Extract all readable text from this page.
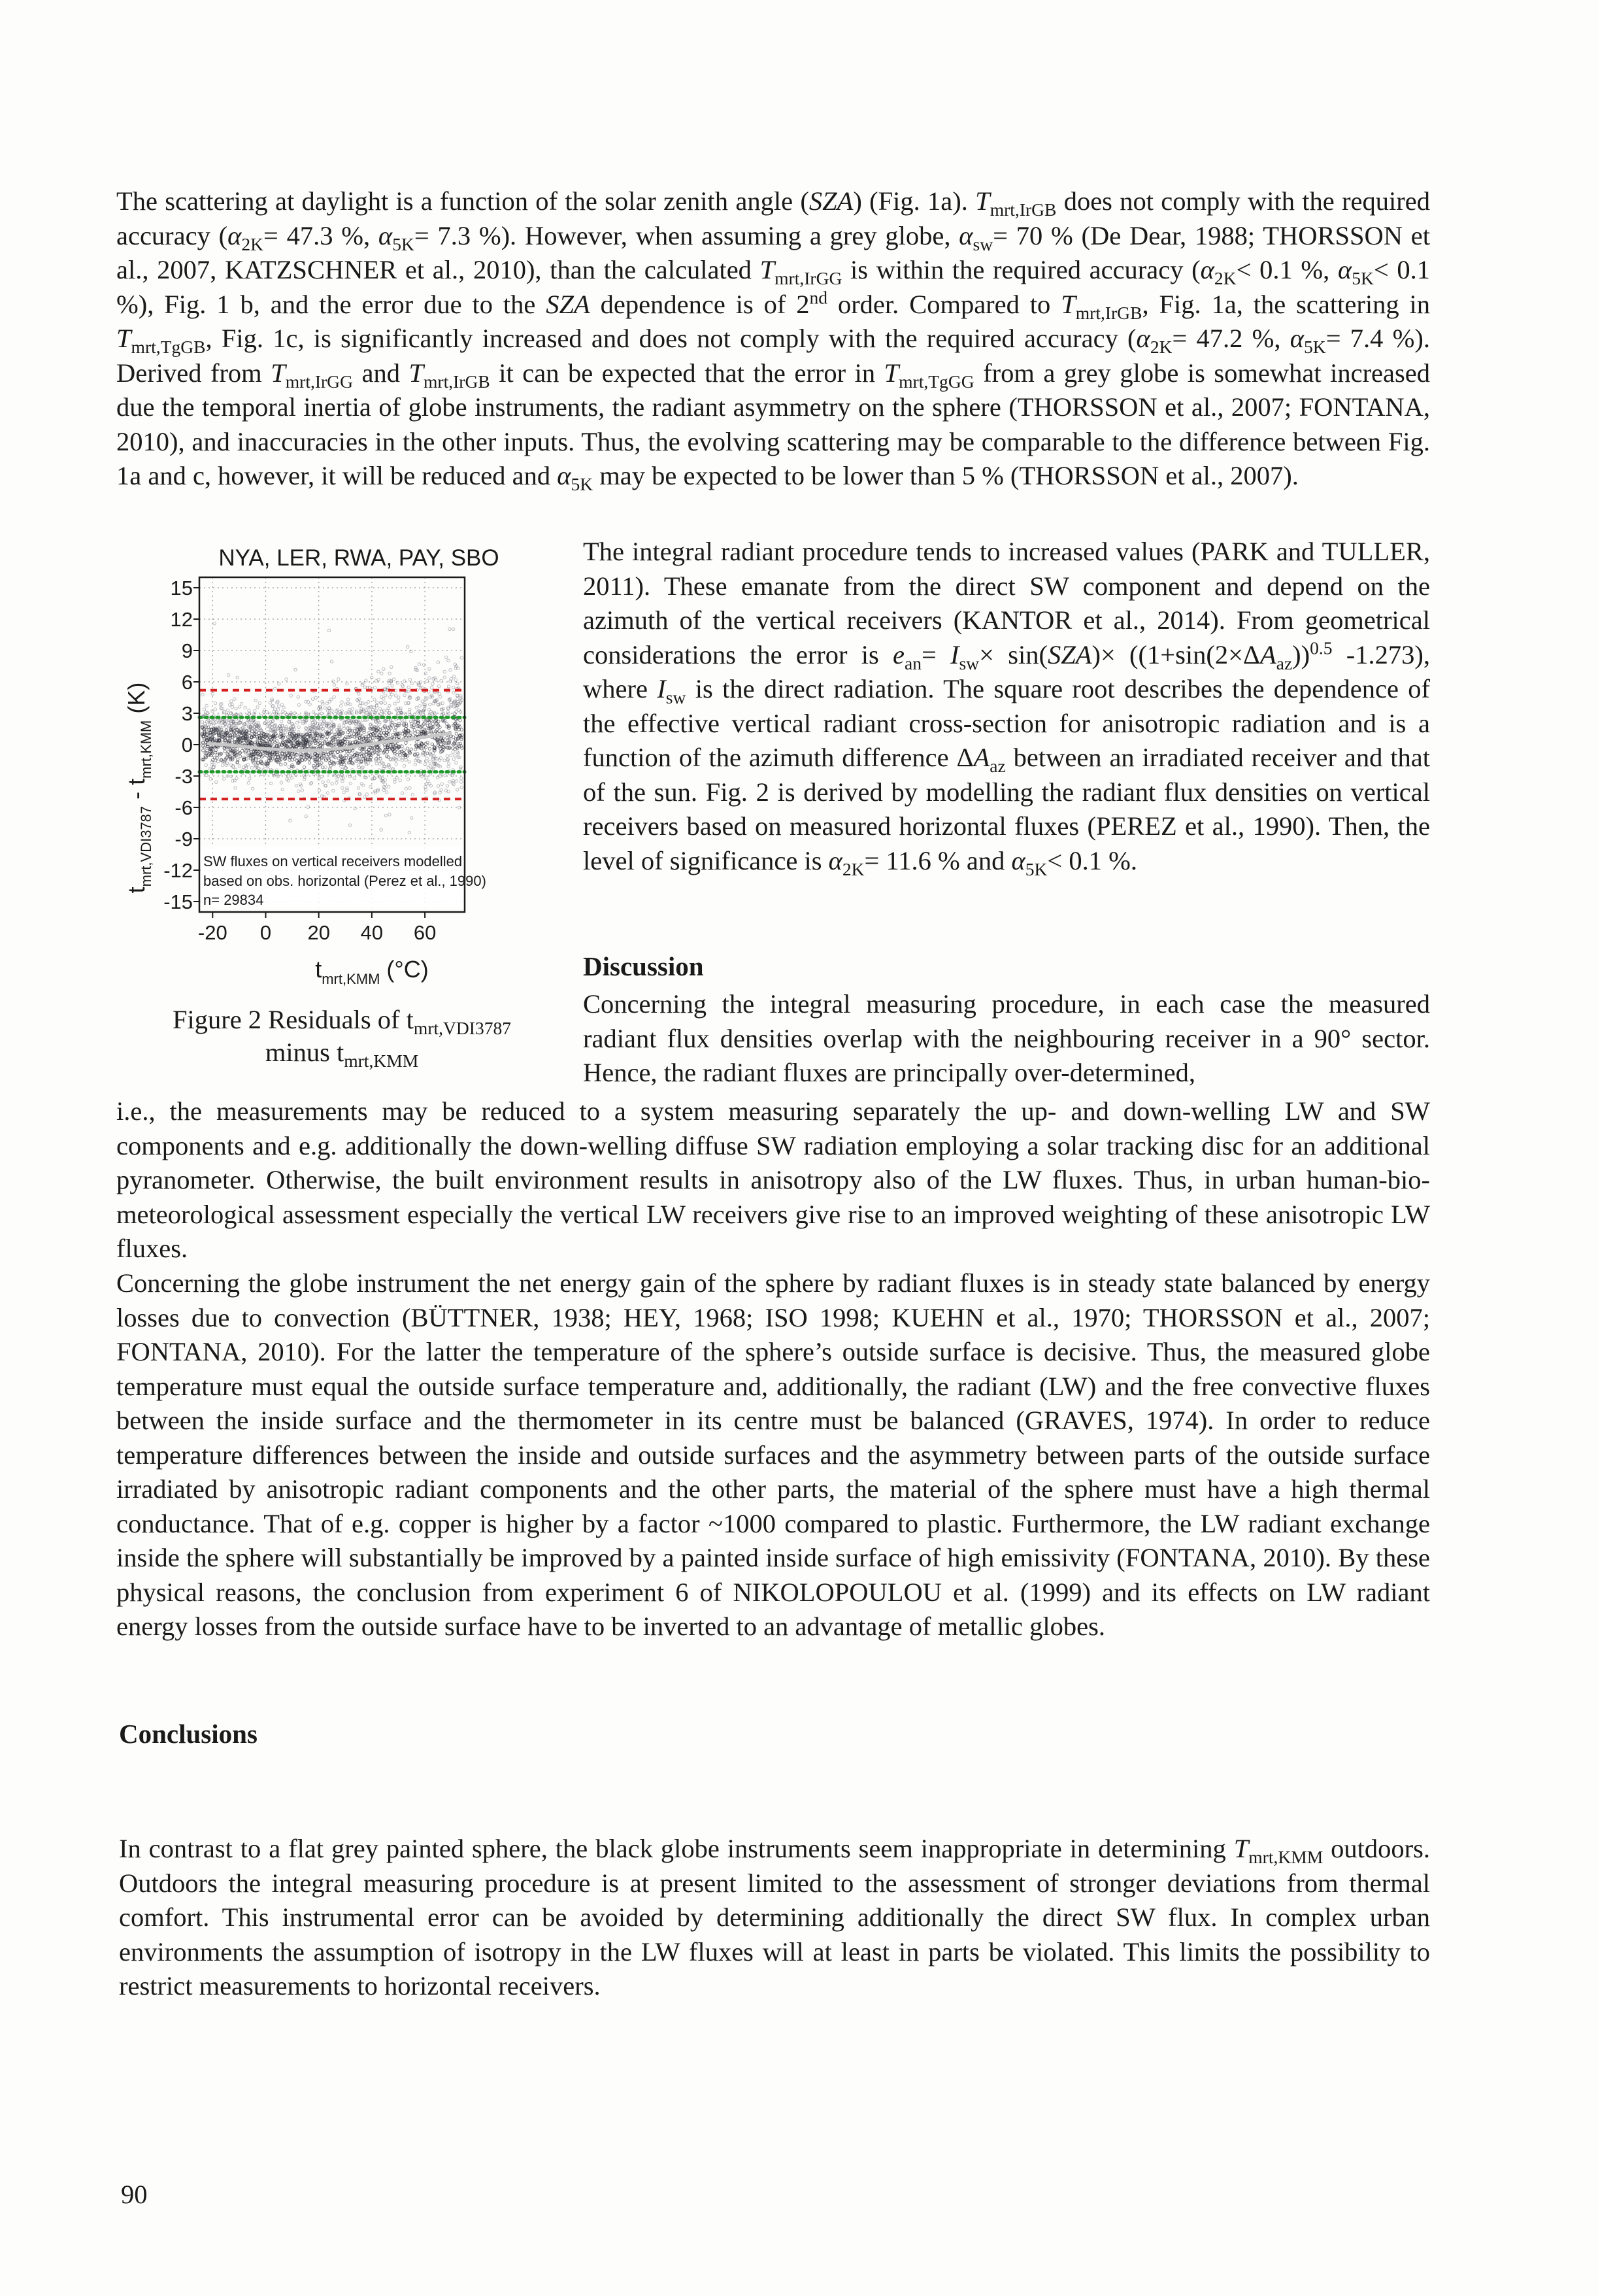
The scattering at daylight is a function of the solar zenith angle (SZA) (Fig. 1a). $T_{mrt,IrGB}$ does not comply with the required accuracy ($\alpha_{2K}= 47.3$ %, $\alpha_{5K}= 7.3$ %). However, when assuming a grey globe, $\alpha_{sw}= 70$ % (De Dear, 1988; THORSSON et al., 2007, KATZSCHNER et al., 2010), than the calculated $T_{mrt,IrGG}$ is within the required accuracy ($\alpha_{2K}< 0.1$ %, $\alpha_{5K}< 0.1$ %), Fig. 1 b, and the error due to the SZA dependence is of 2nd order. Compared to $T_{mrt,IrGB}$, Fig. 1a, the scattering in $T_{mrt,TgGB}$, Fig. 1c, is significantly increased and does not comply with the required accuracy ($\alpha_{2K}= 47.2$ %, $\alpha_{5K}= 7.4$ %). Derived from $T_{mrt,IrGG}$ and $T_{mrt,IrGB}$ it can be expected that the error in $T_{mrt,TgGG}$ from a grey globe is somewhat increased due the temporal inertia of globe instruments, the radiant asymmetry on the sphere (THORSSON et al., 2007; FONTANA, 2010), and inaccuracies in the other inputs. Thus, the evolving scattering may be comparable to the difference between Fig. 1a and c, however, it will be reduced and $\alpha_{5K}$ may be expected to be lower than 5 % (THORSSON et al., 2007).

NYA, LER, RWA, PAY, SBO
SW fluxes on vertical receivers modelled
based on obs. horizontal (Perez et al., 1990)
n= 29834
-20 0 20 40 60
15
12
9
6
3
0
-3
-6
-9
-12
-15
$t_{mrt,KMM}$ (°C)
$t_{mrt,VDI3787} - t_{mrt,KMM}$ (K)

The integral radiant procedure tends to increased values (PARK and TULLER, 2011). These emanate from the direct SW component and depend on the azimuth of the vertical receivers (KANTOR et al., 2014). From geometrical considerations the error is $e_{an}= I_{sw}\times \sin(SZA)\times ((1+\sin(2\times\Delta A_{az}))^{0.5}$ -1.273), where $I_{sw}$ is the direct radiation. The square root describes the dependence of the effective vertical radiant cross-section for anisotropic radiation and is a function of the azimuth difference $\Delta A_{az}$ between an irradiated receiver and that of the sun. Fig. 2 is derived by modelling the radiant flux densities on vertical receivers based on measured horizontal fluxes (PEREZ et al., 1990). Then, the level of significance is $\alpha_{2K}= 11.6$ % and $\alpha_{5K}< 0.1$ %.

Discussion

Concerning the integral measuring procedure, in each case the measured radiant flux densities overlap with the neighbouring receiver in a 90° sector. Hence, the radiant fluxes are principally over-determined,

Figure 2 Residuals of $t_{mrt,VDI3787}$
minus $t_{mrt,KMM}$

i.e., the measurements may be reduced to a system measuring separately the up- and down-welling LW and SW components and e.g. additionally the down-welling diffuse SW radiation employing a solar tracking disc for an additional pyranometer. Otherwise, the built environment results in anisotropy also of the LW fluxes. Thus, in urban human-bio-meteorological assessment especially the vertical LW receivers give rise to an improved weighting of these anisotropic LW fluxes.

Concerning the globe instrument the net energy gain of the sphere by radiant fluxes is in steady state balanced by energy losses due to convection (BÜTTNER, 1938; HEY, 1968; ISO 1998; KUEHN et al., 1970; THORSSON et al., 2007; FONTANA, 2010). For the latter the temperature of the sphere’s outside surface is decisive. Thus, the measured globe temperature must equal the outside surface temperature and, additionally, the radiant (LW) and the free convective fluxes between the inside surface and the thermometer in its centre must be balanced (GRAVES, 1974). In order to reduce temperature differences between the inside and outside surfaces and the asymmetry between parts of the outside surface irradiated by anisotropic radiant components and the other parts, the material of the sphere must have a high thermal conductance. That of e.g. copper is higher by a factor ~1000 compared to plastic. Furthermore, the LW radiant exchange inside the sphere will substantially be improved by a painted inside surface of high emissivity (FONTANA, 2010). By these physical reasons, the conclusion from experiment 6 of NIKOLOPOULOU et al. (1999) and its effects on LW radiant energy losses from the outside surface have to be inverted to an advantage of metallic globes.

Conclusions

In contrast to a flat grey painted sphere, the black globe instruments seem inappropriate in determining $T_{mrt,KMM}$ outdoors. Outdoors the integral measuring procedure is at present limited to the assessment of stronger deviations from thermal comfort. This instrumental error can be avoided by determining additionally the direct SW flux. In complex urban environments the assumption of isotropy in the LW fluxes will at least in parts be violated. This limits the possibility to restrict measurements to horizontal receivers.

90
